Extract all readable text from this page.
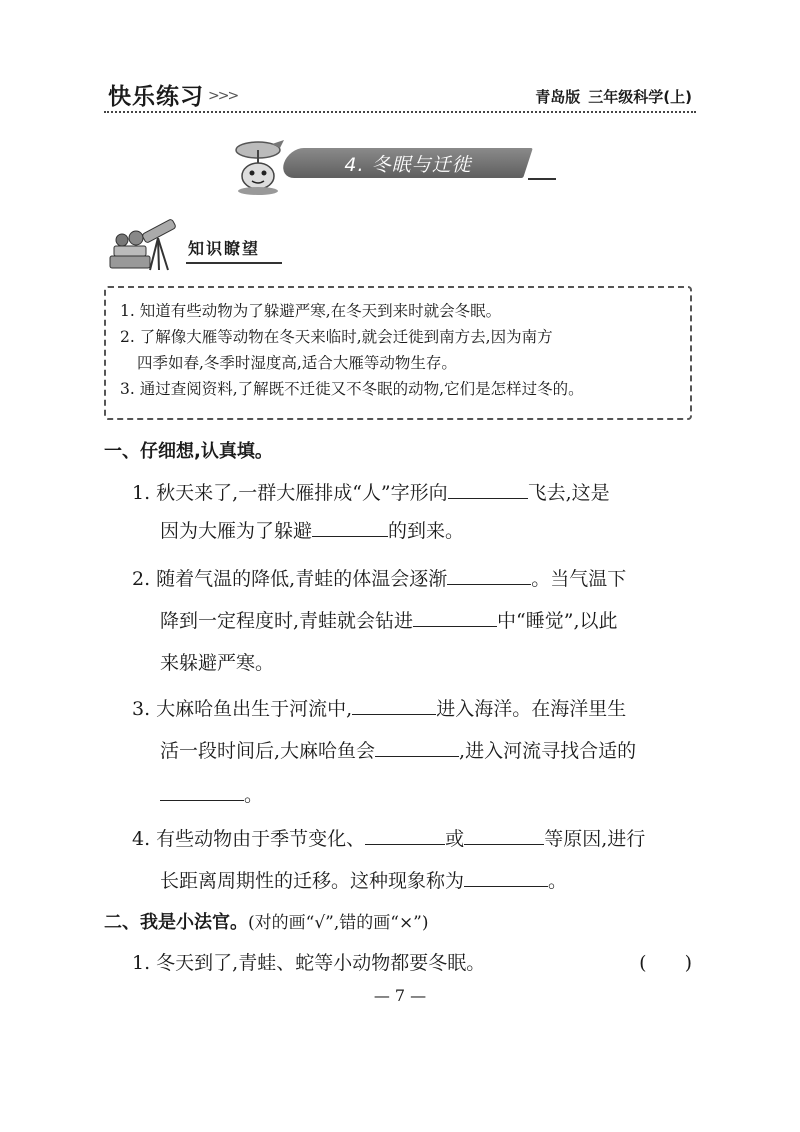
快乐练习 >>>	青岛版 三年级科学(上)
4. 冬眠与迁徙
知识瞭望

1. 知道有些动物为了躲避严寒,在冬天到来时就会冬眠。

2. 了解像大雁等动物在冬天来临时,就会迁徙到南方去,因为南方

四季如春,冬季时湿度高,适合大雁等动物生存。

3. 通过查阅资料,了解既不迁徙又不冬眠的动物,它们是怎样过冬的。

一、仔细想,认真填。
1. 秋天来了,一群大雁排成“人”字形向	飞去,这是
因为大雁为了躲避	的到来。
2. 随着气温的降低,青蛙的体温会逐渐	。当气温下
降到一定程度时,青蛙就会钻进	中“睡觉”,以此
来躲避严寒。
3. 大麻哈鱼出生于河流中,	进入海洋。在海洋里生
活一段时间后,大麻哈鱼会	,进入河流寻找合适的
。
4. 有些动物由于季节变化、	或	等原因,进行
长距离周期性的迁移。这种现象称为	。
二、我是小法官。(对的画“√”,错的画“×”)
1. 冬天到了,青蛙、蛇等小动物都要冬眠。	(　　)
— 7 —
